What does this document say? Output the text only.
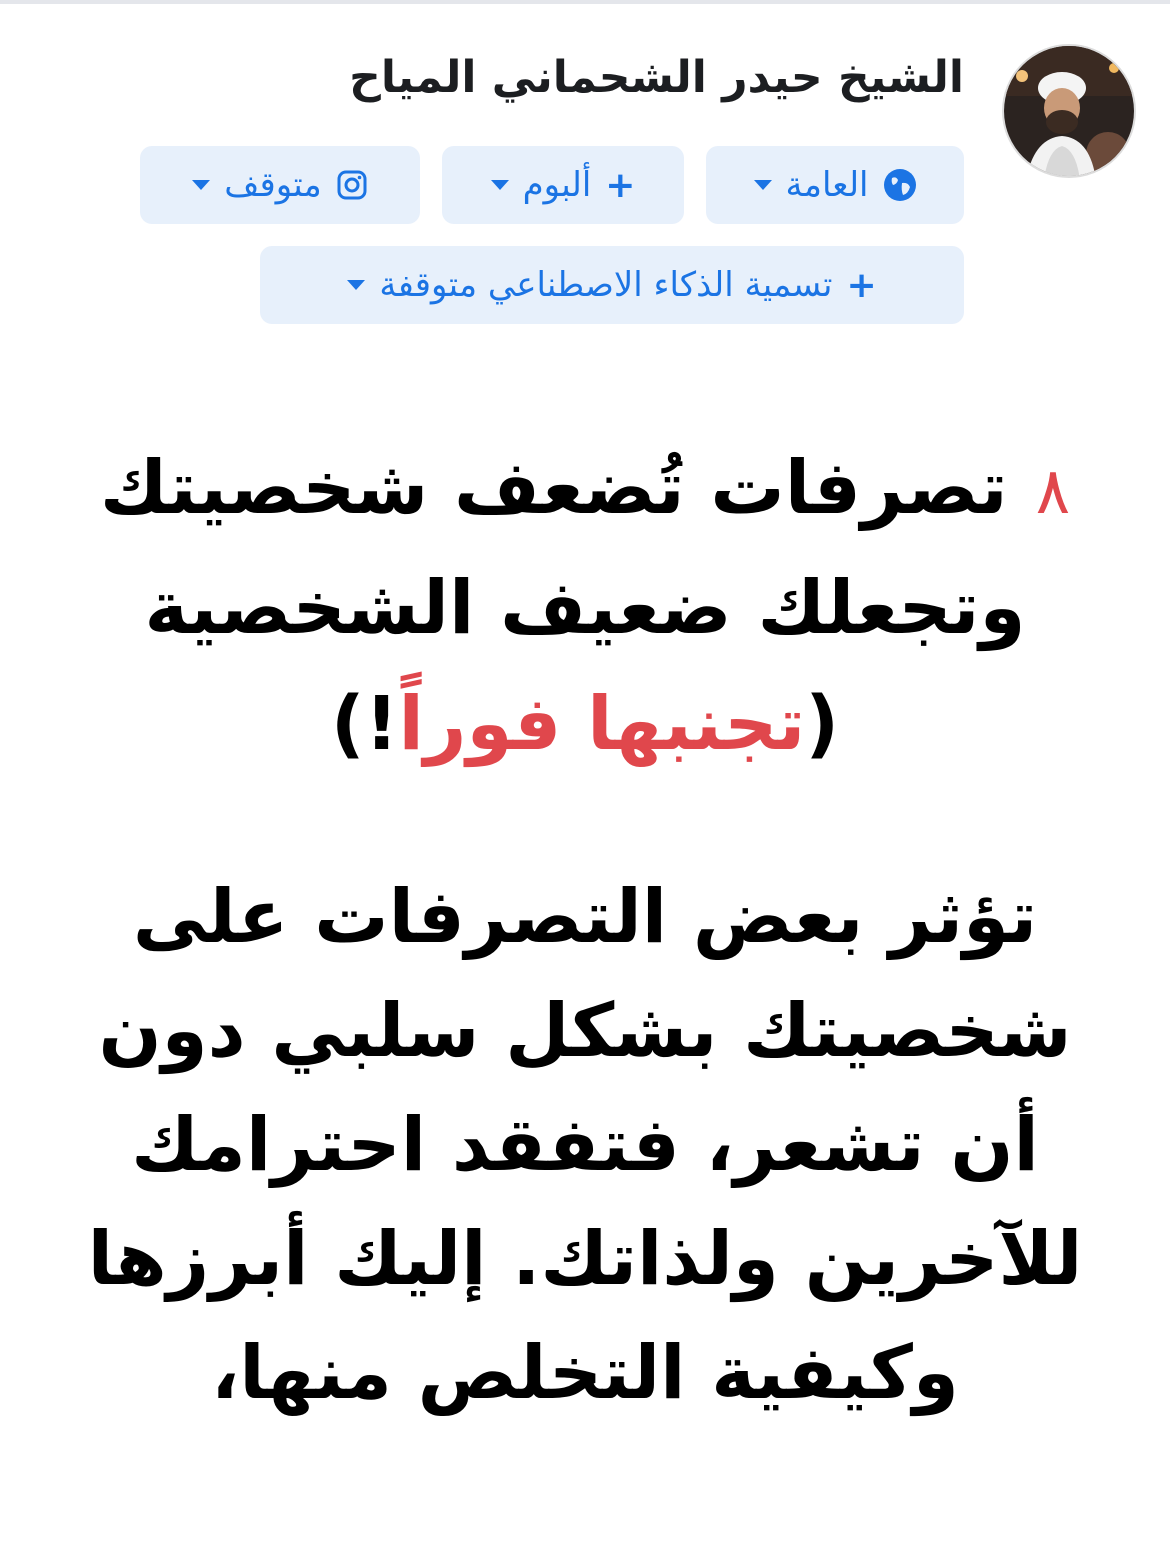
الشيخ حيدر الشحماني المياح
العامة
+
ألبوم
متوقف
+
تسمية الذكاء الاصطناعي متوقفة
٨تصرفات تُضعف شخصيتك
وتجعلك ضعيف الشخصية
(تجنبها فوراً!)
تؤثر بعض التصرفات على
شخصيتك بشكل سلبي دون
أن تشعر، فتفقد احترامك
للآخرين ولذاتك. إليك أبرزها
وكيفية التخلص منها،
